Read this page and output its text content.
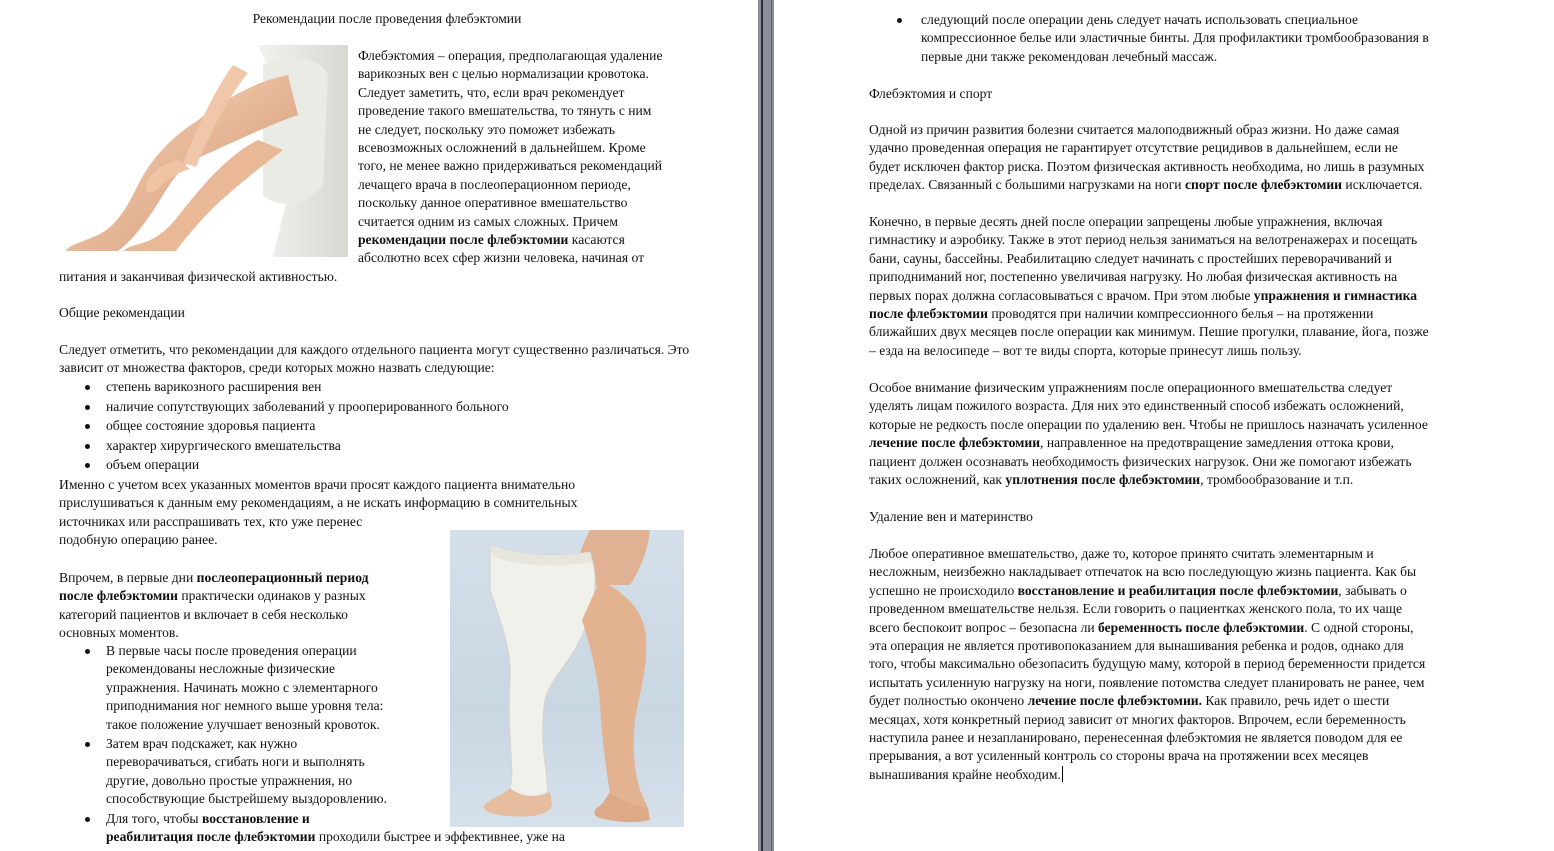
Рекомендации после проведения флебэктомии
Флебэктомия – операция, предполагающая удаление
варикозных вен с целью нормализации кровотока.
Следует заметить, что, если врач рекомендует
проведение такого вмешательства, то тянуть с ним
не следует, поскольку это поможет избежать
всевозможных осложнений в дальнейшем. Кроме
того, не менее важно придерживаться рекомендаций
лечащего врача в послеоперационном периоде,
поскольку данное оперативное вмешательство
считается одним из самых сложных. Причем
рекомендации после флебэктомии касаются
абсолютно всех сфер жизни человека, начиная от
питания и заканчивая физической активностью.
Общие рекомендации
Следует отметить, что рекомендации для каждого отдельного пациента могут существенно различаться. Это зависит от множества факторов, среди которых можно назвать следующие:
степень варикозного расширения вен
наличие сопутствующих заболеваний у прооперированного больного
общее состояние здоровья пациента
характер хирургического вмешательства
объем операции
Именно с учетом всех указанных моментов врачи просят каждого пациента внимательно
прислушиваться к данным ему рекомендациям, а не искать информацию в сомнительных
источниках или расспрашивать тех, кто уже перенес
подобную операцию ранее.
Впрочем, в первые дни послеоперационный период
после флебэктомии практически одинаков у разных
категорий пациентов и включает в себя несколько
основных моментов.
В первые часы после проведения операции
рекомендованы несложные физические
упражнения. Начинать можно с элементарного
приподнимания ног немного выше уровня тела:
такое положение улучшает венозный кровоток.
Затем врач подскажет, как нужно
переворачиваться, сгибать ноги и выполнять
другие, довольно простые упражнения, но
способствующие быстрейшему выздоровлению.
Для того, чтобы восстановление и
реабилитация после флебэктомии проходили быстрее и эффективнее, уже на
следующий после операции день следует начать использовать специальное
компрессионное белье или эластичные бинты. Для профилактики тромбообразования в
первые дни также рекомендован лечебный массаж.
Флебэктомия и спорт
Одной из причин развития болезни считается малоподвижный образ жизни. Но даже самая
удачно проведенная операция не гарантирует отсутствие рецидивов в дальнейшем, если не
будет исключен фактор риска. Поэтом физическая активность необходима, но лишь в разумных
пределах. Связанный с большими нагрузками на ноги спорт после флебэктомии исключается.
Конечно, в первые десять дней после операции запрещены любые упражнения, включая
гимнастику и аэробику. Также в этот период нельзя заниматься на велотренажерах и посещать
бани, сауны, бассейны. Реабилитацию следует начинать с простейших переворачиваний и
приподниманий ног, постепенно увеличивая нагрузку. Но любая физическая активность на
первых порах должна согласовываться с врачом. При этом любые упражнения и гимнастика
после флебэктомии проводятся при наличии компрессионного белья – на протяжении
ближайших двух месяцев после операции как минимум. Пешие прогулки, плавание, йога, позже
– езда на велосипеде – вот те виды спорта, которые принесут лишь пользу.
Особое внимание физическим упражнениям после операционного вмешательства следует
уделять лицам пожилого возраста. Для них это единственный способ избежать осложнений,
которые не редкость после операции по удалению вен. Чтобы не пришлось назначать усиленное
лечение после флебэктомии, направленное на предотвращение замедления оттока крови,
пациент должен осознавать необходимость физических нагрузок. Они же помогают избежать
таких осложнений, как уплотнения после флебэктомии, тромбообразование и т.п.
Удаление вен и материнство
Любое оперативное вмешательство, даже то, которое принято считать элементарным и
несложным, неизбежно накладывает отпечаток на всю последующую жизнь пациента. Как бы
успешно не происходило восстановление и реабилитация после флебэктомии, забывать о
проведенном вмешательстве нельзя. Если говорить о пациентках женского пола, то их чаще
всего беспокоит вопрос – безопасна ли беременность после флебэктомии. С одной стороны,
эта операция не является противопоказанием для вынашивания ребенка и родов, однако для
того, чтобы максимально обезопасить будущую маму, которой в период беременности придется
испытать усиленную нагрузку на ноги, появление потомства следует планировать не ранее, чем
будет полностью окончено лечение после флебэктомии. Как правило, речь идет о шести
месяцах, хотя конкретный период зависит от многих факторов. Впрочем, если беременность
наступила ранее и незапланировано, перенесенная флебэктомия не является поводом для ее
прерывания, а вот усиленный контроль со стороны врача на протяжении всех месяцев
вынашивания крайне необходим.
